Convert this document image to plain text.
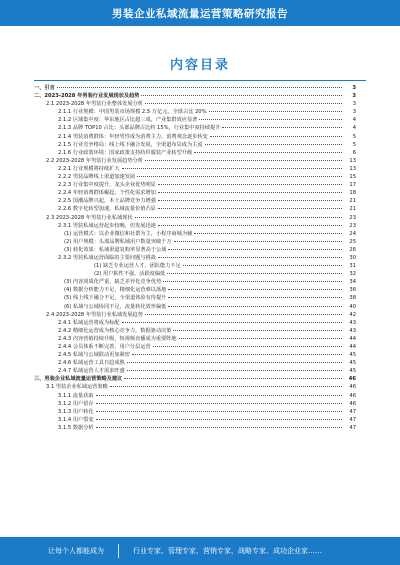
男装企业私域流量运营策略研究报告
内容目录
一、引言	3
二、2023-2028 年男装行业发展现状及趋势	3
2.1 2023-2028 年男装行业整体发展分析	3
2.1.1 行业规模：中国男装市场规模 2.5 万亿元，全球占比 20%	3
2.1.2 区域集中度：华东地区占比超三成，产业集群效应显著	4
2.1.3 品牌 TOP10 占比：头部品牌占比约 15%，行业集中度持续提升	4
2.1.4 男装消费群体：年轻男性成为消费主力，消费观念逐步转变	5
2.1.5 行业竞争格局：线上线下融合发展，全渠道布局成为主流	5
2.1.6 行业政策环境：国家政策支持纺织服装产业转型升级	6
2.2 2023-2028 年男装行业发展趋势分析	13
2.2.1 行业规模将持续扩大	13
2.2.2 男装品牌线上渠道加速发展	15
2.2.3 行业集中度提升，龙头企业优势明显	17
2.2.4 年轻消费群体崛起，个性化需求增加	18
2.2.5 国潮品牌兴起，本土品牌竞争力增强	21
2.2.6 数字化转型加速，私域流量价值凸显	21
2.3 2023-2028 年男装行业私域现状	23
2.3.1 男装私域运营起步较晚，但发展迅速	23
(1) 运营模式：以企业微信和社群为主，小程序商城为辅	24
(2) 用户规模：头部品牌私域用户数量突破千万	25
(3) 转化效果：私域渠道复购率显著高于公域	26
2.3.2 男装私域运营面临的主要问题与挑战	30
(1) 缺乏专业运营人才，团队能力不足	31
(2) 用户粘性不强，活跃度偏低	32
(3) 内容同质化严重，缺乏差异化竞争优势	34
(4) 数据分析能力不足，精细化运营难以落地	36
(5) 线上线下融合不足，全渠道体验有待提升	38
(6) 私域与公域协同不足，流量转化效率偏低	40
2.4 2023-2028 年男装行业私域发展趋势	42
2.4.1 私域运营将成为标配	43
2.4.2 精细化运营成为核心竞争力，数据驱动决策	43
2.4.3 内容营销持续升级，短视频直播成为重要阵地	44
2.4.4 会员体系不断完善，用户分层运营	44
2.4.5 私域与公域联动更加紧密	45
2.4.6 私域运营工具日趋成熟	45
2.4.7 私域运营人才需求旺盛	45
三、男装企业私域流量运营策略及建议	46
3.1 男装企业私域运营策略	46
3.1.1 流量获取	46
3.1.2 用户留存	46
3.1.3 用户转化	47
3.1.4 用户裂变	47
3.1.5 数据分析	47
让每个人都能成为	行业专家、管理专家、营销专家、战略专家、成功企业家……
